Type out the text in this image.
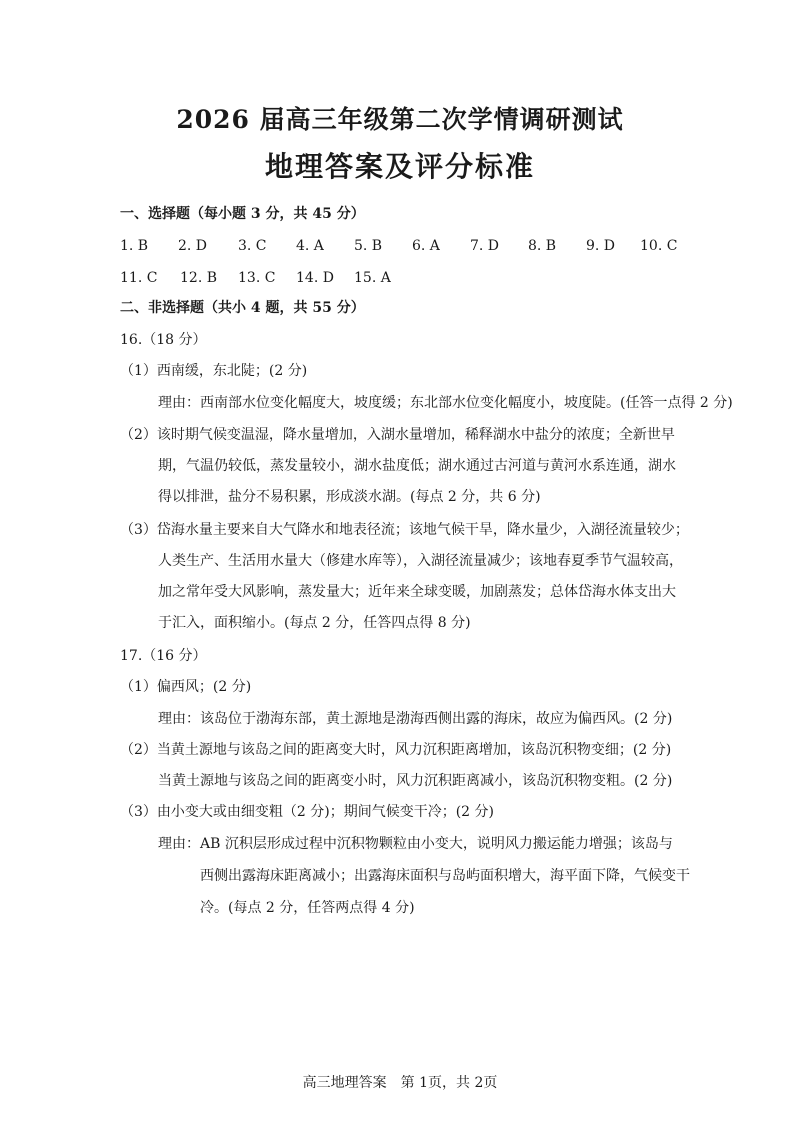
2026 届高三年级第二次学情调研测试
地理答案及评分标准
一、选择题（每小题 3 分，共 45 分）
1. B 2. D 3. C 4. A 5. B 6. A 7. D 8. B 9. D 10. C
11. C 12. B 13. C 14. D 15. A
二、非选择题（共小 4 题，共 55 分）
16.（18 分）
（1）西南缓，东北陡；(2 分)
理由：西南部水位变化幅度大，坡度缓；东北部水位变化幅度小，坡度陡。(任答一点得 2 分)
（2）该时期气候变温湿，降水量增加，入湖水量增加，稀释湖水中盐分的浓度；全新世早
期，气温仍较低，蒸发量较小，湖水盐度低；湖水通过古河道与黄河水系连通，湖水
得以排泄，盐分不易积累，形成淡水湖。(每点 2 分，共 6 分)
（3）岱海水量主要来自大气降水和地表径流；该地气候干旱，降水量少，入湖径流量较少；
人类生产、生活用水量大（修建水库等），入湖径流量减少；该地春夏季节气温较高，
加之常年受大风影响，蒸发量大；近年来全球变暖，加剧蒸发；总体岱海水体支出大
于汇入，面积缩小。(每点 2 分，任答四点得 8 分)
17.（16 分）
（1）偏西风；(2 分)
理由：该岛位于渤海东部，黄土源地是渤海西侧出露的海床，故应为偏西风。(2 分)
（2）当黄土源地与该岛之间的距离变大时，风力沉积距离增加，该岛沉积物变细；(2 分)
当黄土源地与该岛之间的距离变小时，风力沉积距离减小，该岛沉积物变粗。(2 分)
（3）由小变大或由细变粗（2 分)；期间气候变干冷；(2 分)
理由：AB 沉积层形成过程中沉积物颗粒由小变大，说明风力搬运能力增强；该岛与
西侧出露海床距离减小；出露海床面积与岛屿面积增大，海平面下降，气候变干
冷。(每点 2 分，任答两点得 4 分)
高三地理答案　第 1页，共 2页
